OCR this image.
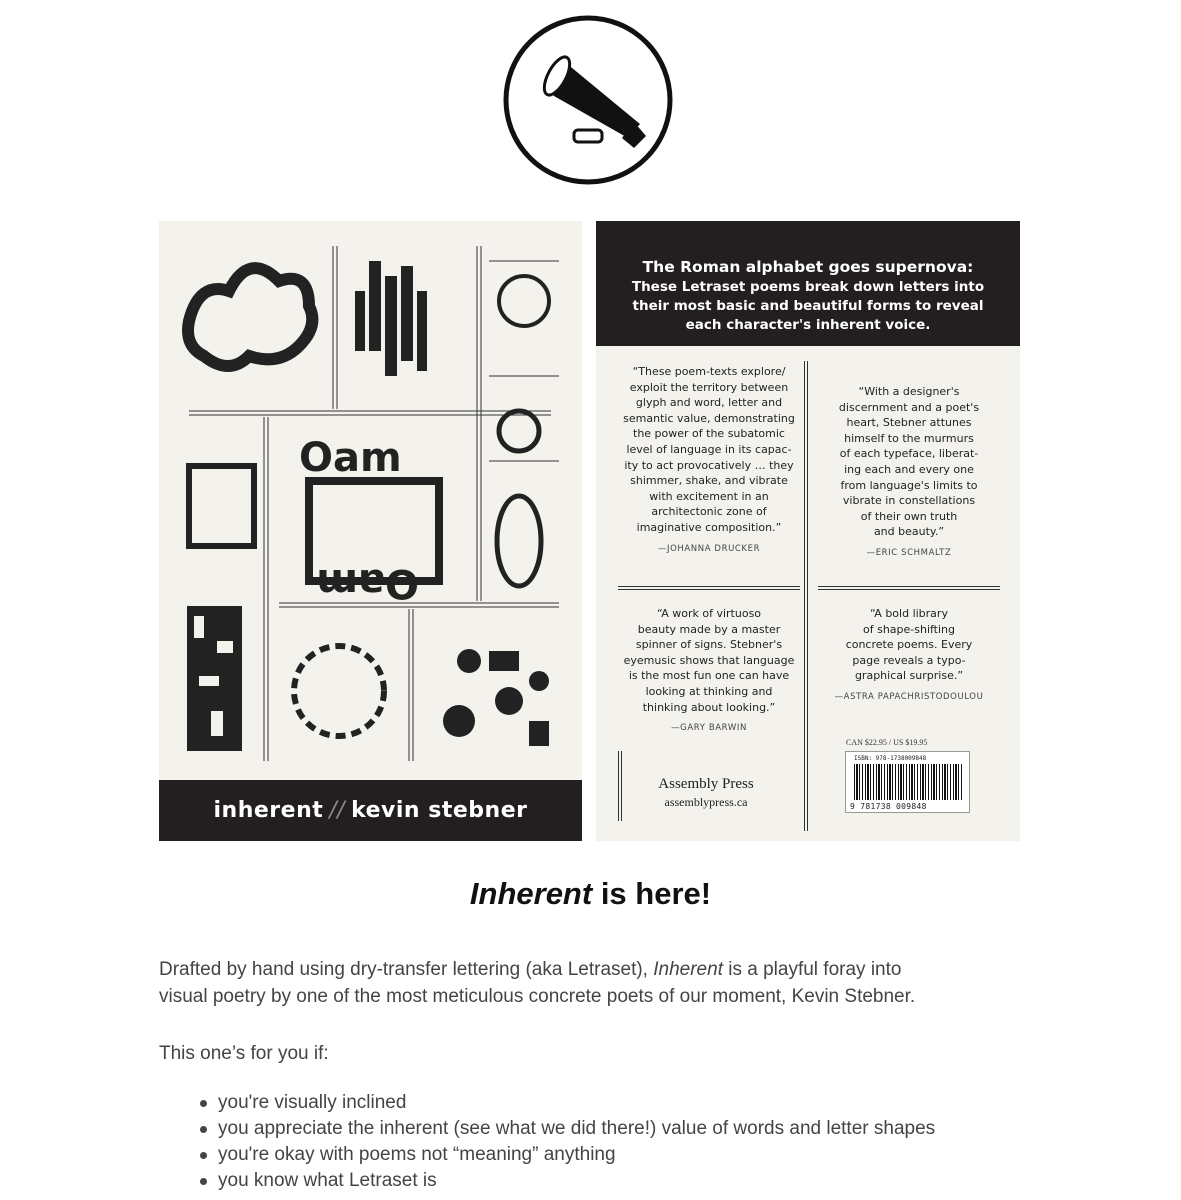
Oam
Oam
inherent // kevin stebner
The Roman alphabet goes supernova:
These Letraset poems break down letters into
their most basic and beautiful forms to reveal
each character's inherent voice.
“These poem-texts explore/
exploit the territory between
glyph and word, letter and
semantic value, demonstrating
the power of the subatomic
level of language in its capac-
ity to act provocatively … they
shimmer, shake, and vibrate
with excitement in an
architectonic zone of
imaginative composition.”
—JOHANNA DRUCKER
“With a designer's
discernment and a poet's
heart, Stebner attunes
himself to the murmurs
of each typeface, liberat-
ing each and every one
from language's limits to
vibrate in constellations
of their own truth
and beauty.”
—ERIC SCHMALTZ
“A work of virtuoso
beauty made by a master
spinner of signs. Stebner's
eyemusic shows that language
is the most fun one can have
looking at thinking and
thinking about looking.”
—GARY BARWIN
“A bold library
of shape-shifting
concrete poems. Every
page reveals a typo-
graphical surprise.”
—ASTRA PAPACHRISTODOULOU
Assembly Press
assemblypress.ca
CAN $22.95 / US $19.95
ISBN: 978-1738009848
9 781738 009848
Inherent is here!

Drafted by hand using dry-transfer lettering (aka Letraset), Inherent is a playful foray into
visual poetry by one of the most meticulous concrete poets of our moment, Kevin Stebner.

This one’s for you if:

you're visually inclined
you appreciate the inherent (see what we did there!) value of words and letter shapes
you're okay with poems not “meaning” anything
you know what Letraset is
